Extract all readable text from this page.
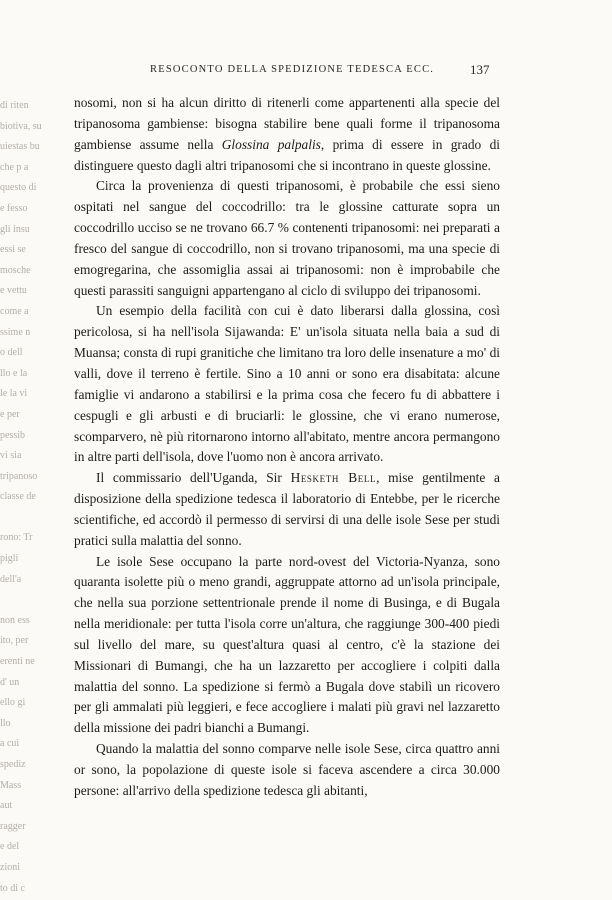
di riten
biotiva, su
uiestas bu
che p a
questo di
e fesso
gli insu
essi se
mosche
e vettu
come a
ssime n
o dell
llo e la
le la vi
e per
pessib
vi sia
tripanoso
classe de

rono: Tr
pigli
dell'a

non ess
ito, per
erenti ne
d' un
ello gi
llo
a cui
spediz
Mass
aut
ragger
e del
zioni
to di c
RESOCONTO DELLA SPEDIZIONE TEDESCA ECC.	137

nosomi, non si ha alcun diritto di ritenerli come appartenenti alla specie del tripanosoma gambiense: bisogna stabilire bene quali forme il tripanosoma gambiense assume nella Glossina palpalis, prima di essere in grado di distinguere questo dagli altri tripanosomi che si incontrano in queste glossine.

Circa la provenienza di questi tripanosomi, è probabile che essi sieno ospitati nel sangue del coccodrillo: tra le glossine catturate sopra un coccodrillo ucciso se ne trovano 66.7 % contenenti tripanosomi: nei preparati a fresco del sangue di coccodrillo, non si trovano tripanosomi, ma una specie di emogregarina, che assomiglia assai ai tripanosomi: non è improbabile che questi parassiti sanguigni appartengano al ciclo di sviluppo dei tripanosomi.

Un esempio della facilità con cui è dato liberarsi dalla glossina, così pericolosa, si ha nell'isola Sijawanda: E' un'isola situata nella baia a sud di Muansa; consta di rupi granitiche che limitano tra loro delle insenature a mo' di valli, dove il terreno è fertile. Sino a 10 anni or sono era disabitata: alcune famiglie vi andarono a stabilirsi e la prima cosa che fecero fu di abbattere i cespugli e gli arbusti e di bruciarli: le glossine, che vi erano numerose, scomparvero, nè più ritornarono intorno all'abitato, mentre ancora permangono in altre parti dell'isola, dove l'uomo non è ancora arrivato.

Il commissario dell'Uganda, Sir Hesketh Bell, mise gentilmente a disposizione della spedizione tedesca il laboratorio di Entebbe, per le ricerche scientifiche, ed accordò il permesso di servirsi di una delle isole Sese per studi pratici sulla malattia del sonno.

Le isole Sese occupano la parte nord-ovest del Victoria-Nyanza, sono quaranta isolette più o meno grandi, aggruppate attorno ad un'isola principale, che nella sua porzione settentrionale prende il nome di Businga, e di Bugala nella meridionale: per tutta l'isola corre un'altura, che raggiunge 300-400 piedi sul livello del mare, su quest'altura quasi al centro, c'è la stazione dei Missionari di Bumangi, che ha un lazzaretto per accogliere i colpiti dalla malattia del sonno. La spedizione si fermò a Bugala dove stabilì un ricovero per gli ammalati più leggieri, e fece accogliere i malati più gravi nel lazzaretto della missione dei padri bianchi a Bumangi.

Quando la malattia del sonno comparve nelle isole Sese, circa quattro anni or sono, la popolazione di queste isole si faceva ascendere a circa 30.000 persone: all'arrivo della spedizione tedesca gli abitanti,
